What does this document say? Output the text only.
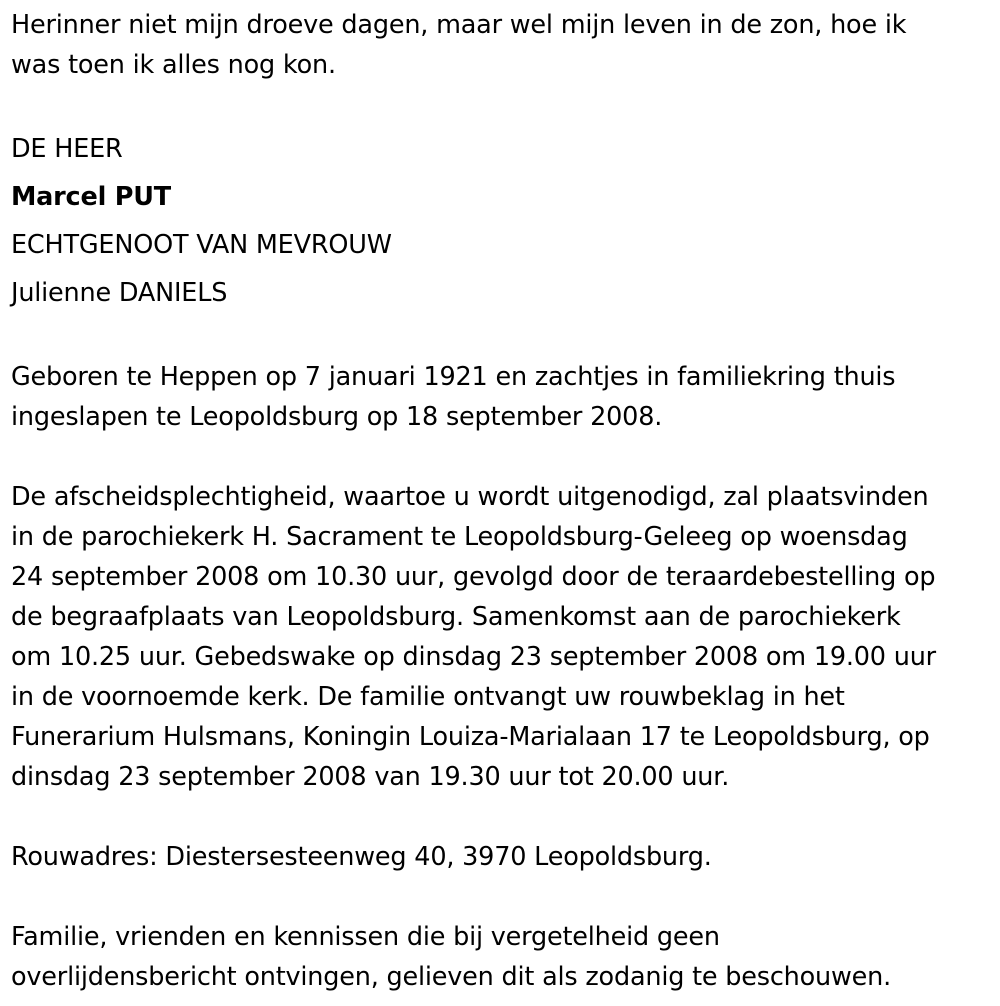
Herinner niet mijn droeve dagen, maar wel mijn leven in de zon, hoe ik
was toen ik alles nog kon.
DE HEER
Marcel PUT
ECHTGENOOT VAN MEVROUW
Julienne DANIELS
Geboren te Heppen op 7 januari 1921 en zachtjes in familiekring thuis
ingeslapen te Leopoldsburg op 18 september 2008.
De afscheidsplechtigheid, waartoe u wordt uitgenodigd, zal plaatsvinden
in de parochiekerk H. Sacrament te Leopoldsburg-Geleeg op woensdag
24 september 2008 om 10.30 uur, gevolgd door de teraardebestelling op
de begraafplaats van Leopoldsburg. Samenkomst aan de parochiekerk
om 10.25 uur. Gebedswake op dinsdag 23 september 2008 om 19.00 uur
in de voornoemde kerk. De familie ontvangt uw rouwbeklag in het
Funerarium Hulsmans, Koningin Louiza-Marialaan 17 te Leopoldsburg, op
dinsdag 23 september 2008 van 19.30 uur tot 20.00 uur.
Rouwadres: Diestersesteenweg 40, 3970 Leopoldsburg.
Familie, vrienden en kennissen die bij vergetelheid geen
overlijdensbericht ontvingen, gelieven dit als zodanig te beschouwen.
